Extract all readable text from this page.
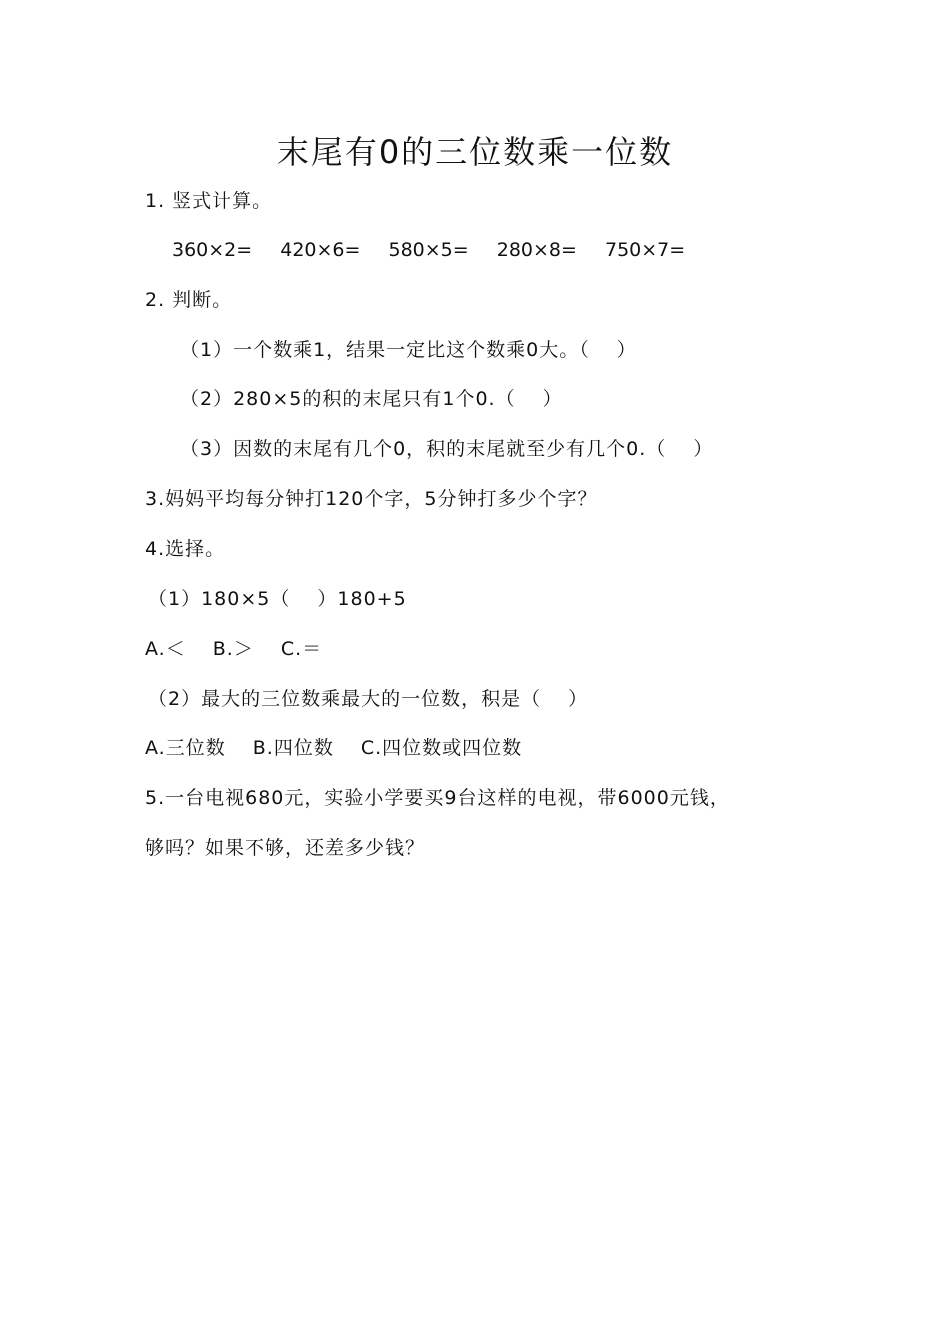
末尾有0的三位数乘一位数
1. 竖式计算。
360×2= 420×6= 580×5= 280×8= 750×7=
2. 判断。
（1）一个数乘1，结果一定比这个数乘0大。（　 ）
（2）280×5的积的末尾只有1个0.（　 ）
（3）因数的末尾有几个0，积的末尾就至少有几个0.（　 ）
3.妈妈平均每分钟打120个字，5分钟打多少个字？
4.选择。
（1）180×5（　 ）180+5
A.＜　 B.＞　 C.＝
（2）最大的三位数乘最大的一位数，积是（　 ）
A.三位数　 B.四位数　 C.四位数或四位数
5.一台电视680元，实验小学要买9台这样的电视，带6000元钱，
够吗？如果不够，还差多少钱？
